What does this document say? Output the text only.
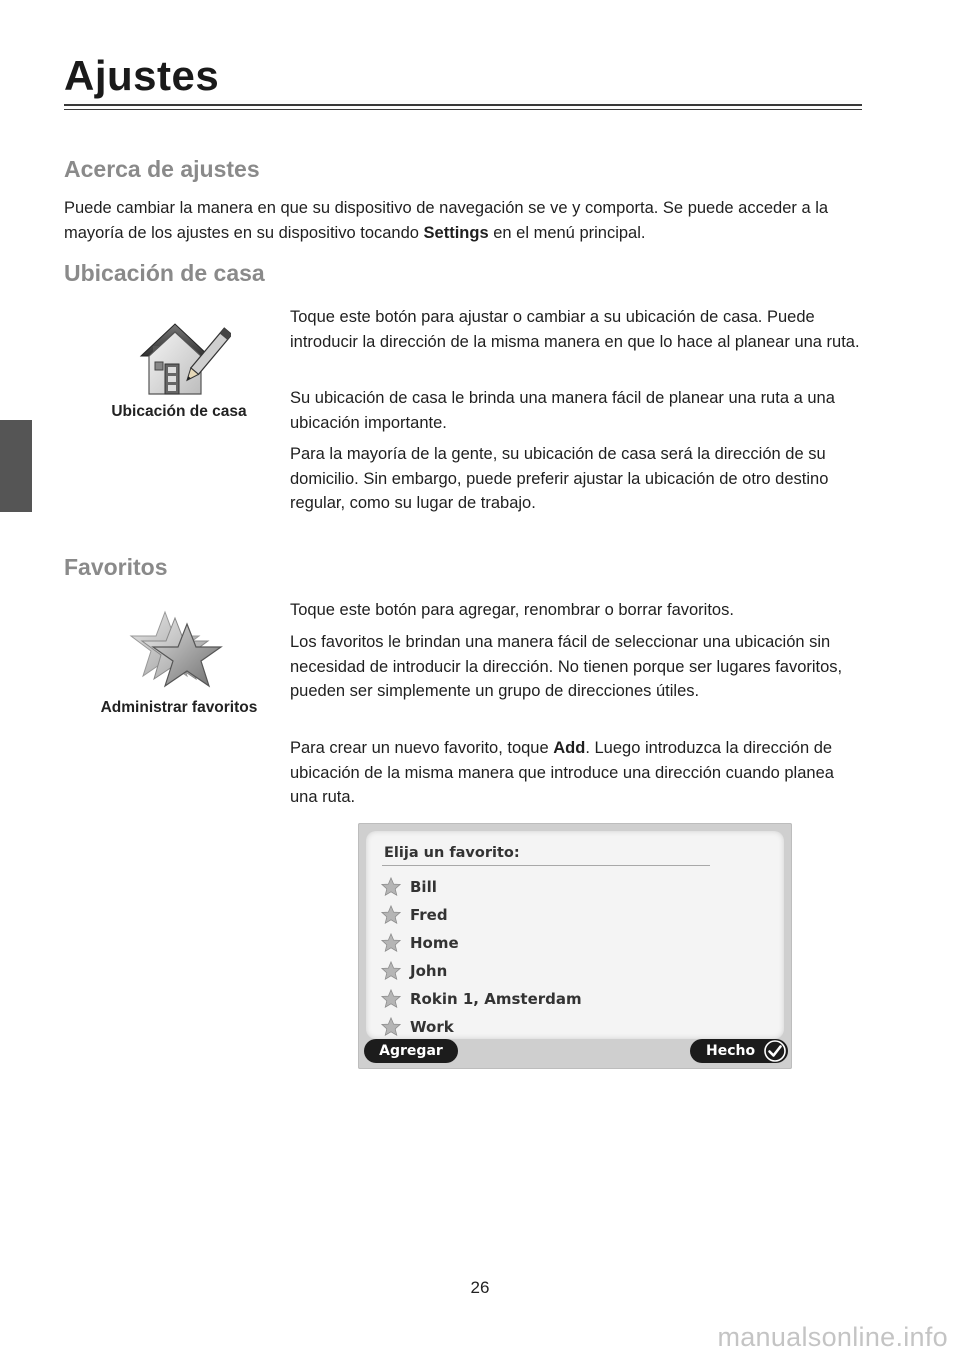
Ajustes
Acerca de ajustes

Puede cambiar la manera en que su dispositivo de navegación se ve y comporta. Se puede acceder a la mayoría de los ajustes en su dispositivo tocando Settings en el menú principal.

Ubicación de casa
Ubicación de casa

Toque este botón para ajustar o cambiar a su ubicación de casa. Puede introducir la dirección de la misma manera en que lo hace al planear una ruta.

Su ubicación de casa le brinda una manera fácil de planear una ruta a una ubicación importante.

Para la mayoría de la gente, su ubicación de casa será la dirección de su domicilio. Sin embargo, puede preferir ajustar la ubicación de otro destino regular, como su lugar de trabajo.

Favoritos
Administrar favoritos

Toque este botón para agregar, renombrar o borrar favoritos.

Los favoritos le brindan una manera fácil de seleccionar una ubicación sin necesidad de introducir la dirección. No tienen porque ser lugares favoritos, pueden ser simplemente un grupo de direcciones útiles.

Para crear un nuevo favorito, toque Add. Luego introduzca la dirección de ubicación de la misma manera que introduce una dirección cuando planea una ruta.

Elija un favorito:
Bill
Fred
Home
John
Rokin 1, Amsterdam
Work
Agregar	Hecho
26
manualsonline.info
